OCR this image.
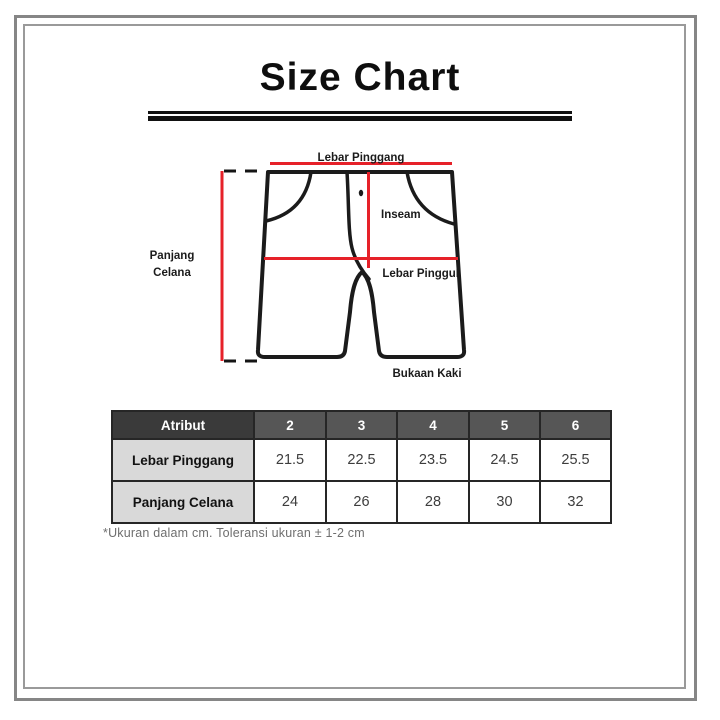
Size Chart
Lebar Pinggang
Panjang
Celana
Inseam
Lebar Pinggul
Bukaan Kaki
Atribut	2	3	4	5	6
Lebar Pinggang	21.5	22.5	23.5	24.5	25.5
Panjang Celana	24	26	28	30	32
*Ukuran dalam cm. Toleransi ukuran ± 1-2 cm
